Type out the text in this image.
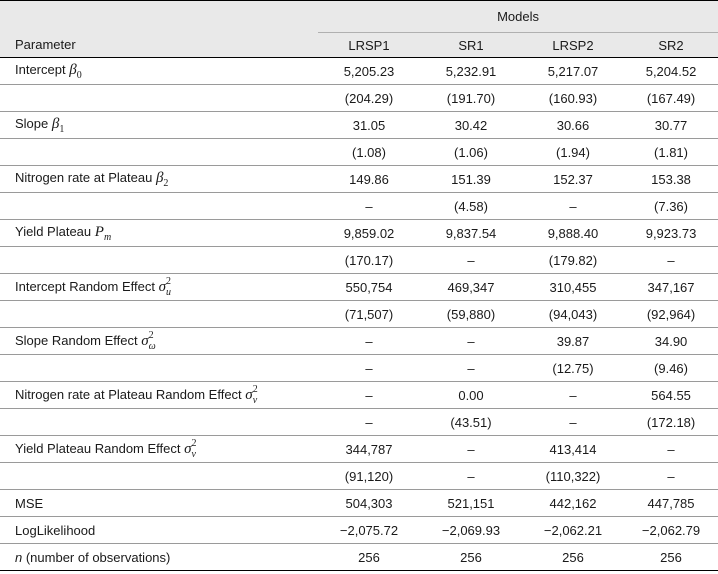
	Models			
Parameter	LRSP1	SR1	LRSP2	SR2
Intercept $\beta_0$	5,205.23	5,232.91	5,217.07	5,204.52
	(204.29)	(191.70)	(160.93)	(167.49)
Slope $\beta_1$	31.05	30.42	30.66	30.77
	(1.08)	(1.06)	(1.94)	(1.81)
Nitrogen rate at Plateau $\beta_2$	149.86	151.39	152.37	153.38
	–	(4.58)	–	(7.36)
Yield Plateau $P_m$	9,859.02	9,837.54	9,888.40	9,923.73
	(170.17)	–	(179.82)	–
Intercept Random Effect $\sigma^2_u$	550,754	469,347	310,455	347,167
	(71,507)	(59,880)	(94,043)	(92,964)
Slope Random Effect $\sigma^2_\omega$	–	–	39.87	34.90
	–	–	(12.75)	(9.46)
Nitrogen rate at Plateau Random Effect $\sigma^2_v$	–	0.00	–	564.55
	–	(43.51)	–	(172.18)
Yield Plateau Random Effect $\sigma^2_v$	344,787	–	413,414	–
	(91,120)	–	(110,322)	–
MSE	504,303	521,151	442,162	447,785
LogLikelihood	−2,075.72	−2,069.93	−2,062.21	−2,062.79
n (number of observations)	256	256	256	256
